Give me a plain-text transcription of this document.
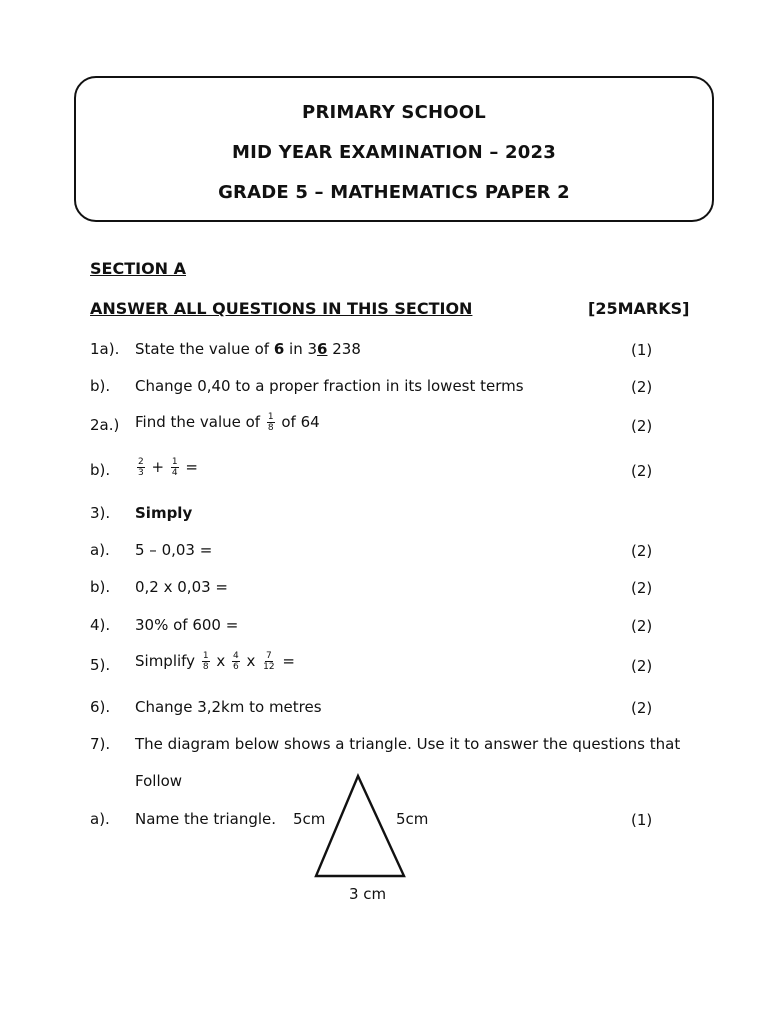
PRIMARY SCHOOL
MID YEAR EXAMINATION – 2023
GRADE 5 – MATHEMATICS PAPER 2
SECTION A
ANSWER ALL QUESTIONS IN THIS SECTION	[25MARKS]
1a). State the value of 6 in 36 238	(1)
b). Change 0,40 to a proper fraction in its lowest terms	(2)
2a.) Find the value of $\frac{1}{8}$ of 64	(2)
b).	$\frac{2}{3} + \frac{1}{4}$ =	(2)
3). Simply
a). 5 – 0,03 =	(2)
b). 0,2 x 0,03 =	(2)
4). 30% of 600 =	(2)
5). Simplify $\frac{1}{8}$ x $\frac{4}{6}$ x $\frac{7}{12}$ =	(2)
6). Change 3,2km to metres	(2)
7). The diagram below shows a triangle. Use it to answer the questions that
Follow
a). Name the triangle.	(1)
5cm	5cm
3 cm
